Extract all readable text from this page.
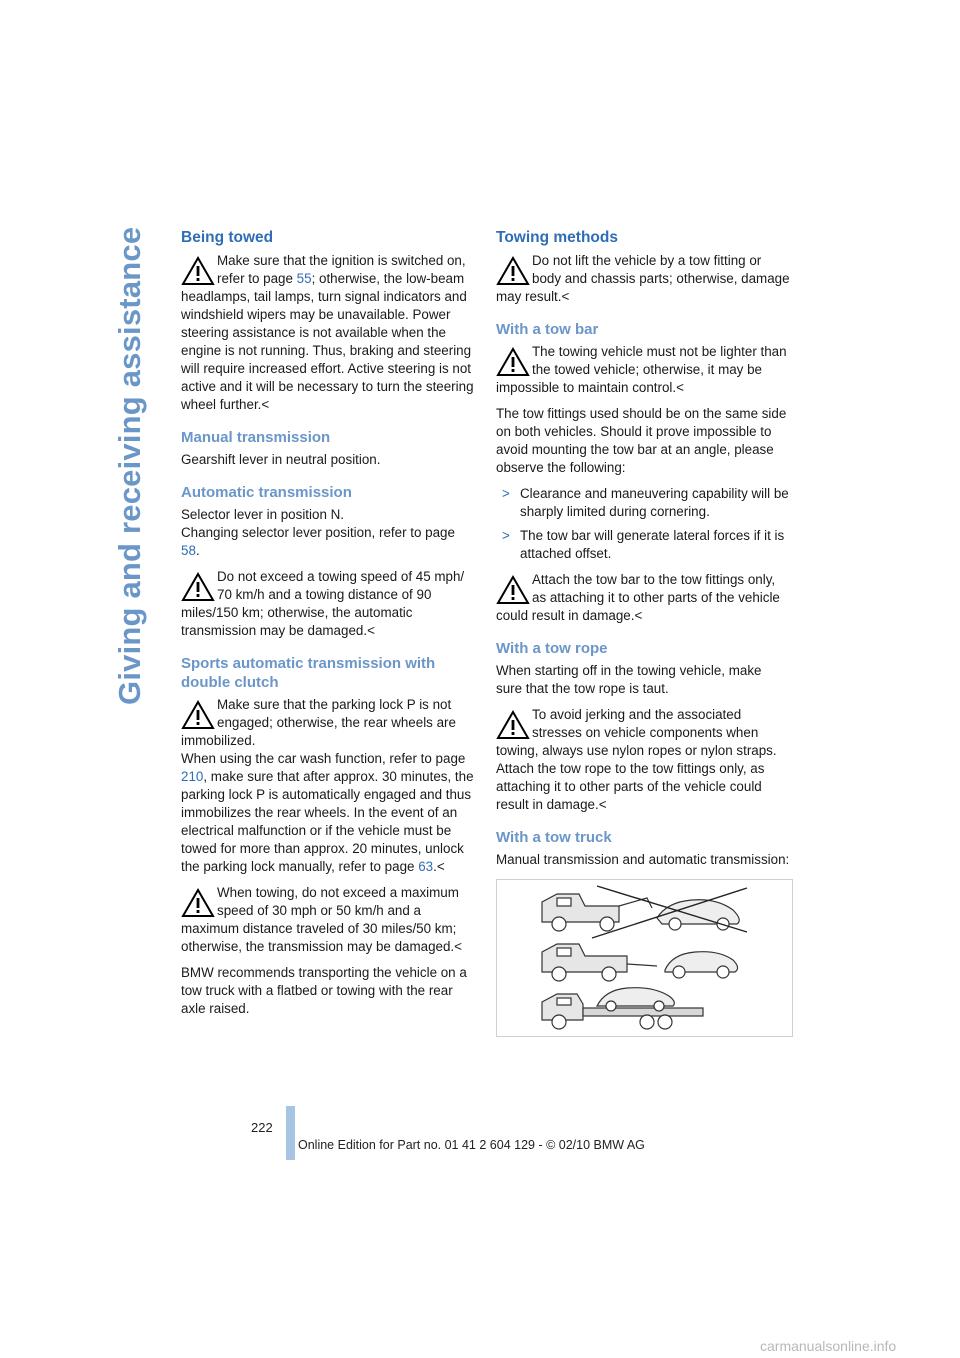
Giving and receiving assistance Being towed
Make sure that the ignition is switched on, refer to page 55; otherwise, the low-beam headlamps, tail lamps, turn signal indicators and windshield wipers may be unavailable. Power steering assistance is not available when the engine is not running. Thus, braking and steering will require increased effort. Active steering is not active and it will be necessary to turn the steering wheel further.<
Manual transmission

Gearshift lever in neutral position.

Automatic transmission

Selector lever in position N.
Changing selector lever position, refer to page 58.

Do not exceed a towing speed of 45 mph/ 70 km/h and a towing distance of 90 miles/150 km; otherwise, the automatic transmission may be damaged.<
Sports automatic transmission with double clutch
Make sure that the parking lock P is not engaged; otherwise, the rear wheels are immobilized.
When using the car wash function, refer to page 210, make sure that after approx. 30 minutes, the parking lock P is automatically engaged and thus immobilizes the rear wheels. In the event of an electrical malfunction or if the vehicle must be towed for more than approx. 20 minutes, unlock the parking lock manually, refer to page 63.<
When towing, do not exceed a maximum speed of 30 mph or 50 km/h and a maximum distance traveled of 30 miles/50 km; otherwise, the transmission may be damaged.<

BMW recommends transporting the vehicle on a tow truck with a flatbed or towing with the rear axle raised.

Towing methods
Do not lift the vehicle by a tow fitting or body and chassis parts; otherwise, damage may result.<
With a tow bar
The towing vehicle must not be lighter than the towed vehicle; otherwise, it may be impossible to maintain control.<

The tow fittings used should be on the same side on both vehicles. Should it prove impossible to avoid mounting the tow bar at an angle, please observe the following:

> Clearance and maneuvering capability will be sharply limited during cornering.
> The tow bar will generate lateral forces if it is attached offset.
Attach the tow bar to the tow fittings only, as attaching it to other parts of the vehicle could result in damage.<
With a tow rope

When starting off in the towing vehicle, make sure that the tow rope is taut.

To avoid jerking and the associated stresses on vehicle components when towing, always use nylon ropes or nylon straps. Attach the tow rope to the tow fittings only, as attaching it to other parts of the vehicle could result in damage.<
With a tow truck

Manual transmission and automatic transmission:

222
Online Edition for Part no. 01 41 2 604 129 - © 02/10 BMW AG
carmanualsonline.info
